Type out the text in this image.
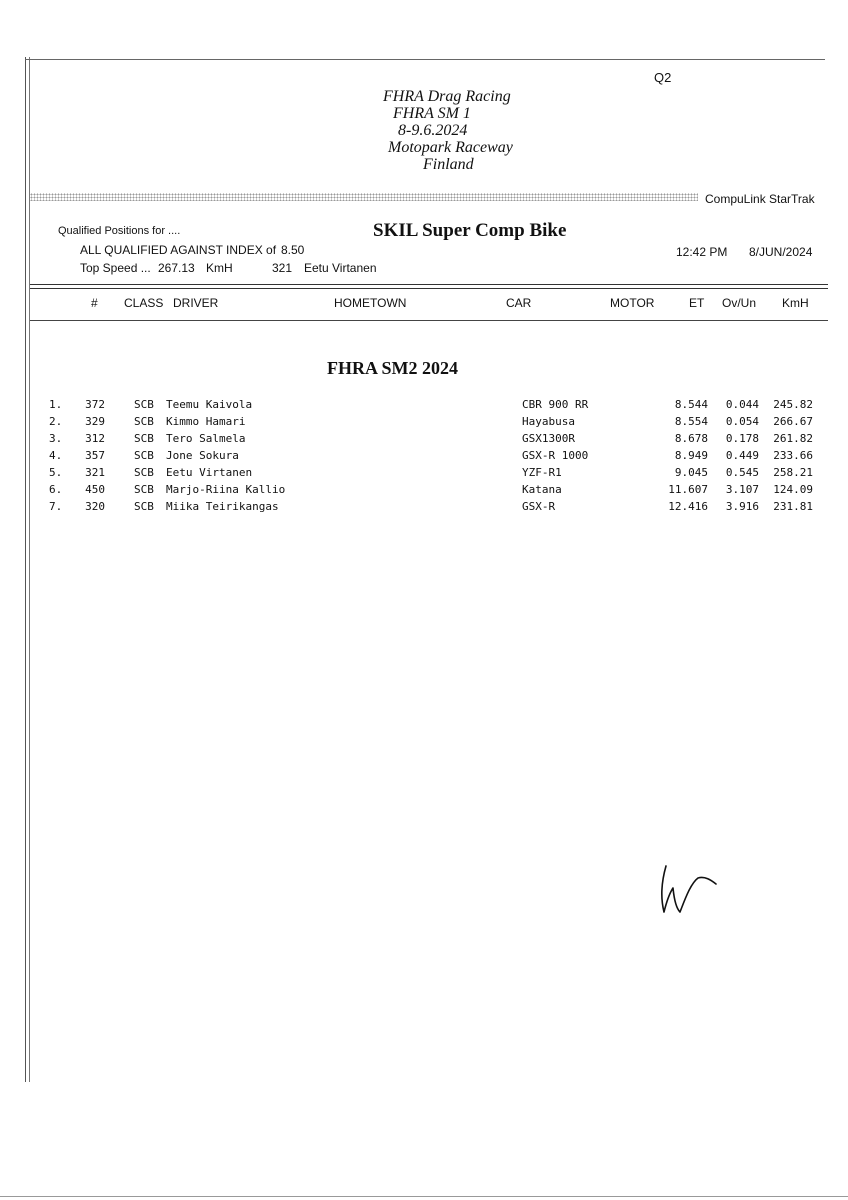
Q2
FHRA Drag Racing
FHRA SM 1
8-9.6.2024
Motopark Raceway
Finland
CompuLink StarTrak
Qualified Positions for ....	SKIL Super Comp Bike
ALL QUALIFIED AGAINST INDEX of 8.50	12:42 PM 8/JUN/2024
Top Speed ... 267.13 KmH	321 Eetu Virtanen
# CLASS DRIVER	HOMETOWN	CAR	MOTOR	ET Ov/Un KmH
FHRA SM2 2024
1.	372	SCB Teemu Kaivola	CBR 900 RR	8.544	0.044	245.82
2.	329	SCB Kimmo Hamari	Hayabusa	8.554	0.054	266.67
3.	312	SCB Tero Salmela	GSX1300R	8.678	0.178	261.82
4.	357	SCB Jone Sokura	GSX-R 1000	8.949	0.449	233.66
5.	321	SCB Eetu Virtanen	YZF-R1	9.045	0.545	258.21
6.	450	SCB Marjo-Riina Kallio	Katana	11.607	3.107	124.09
7.	320	SCB Miika Teirikangas	GSX-R	12.416	3.916	231.81
